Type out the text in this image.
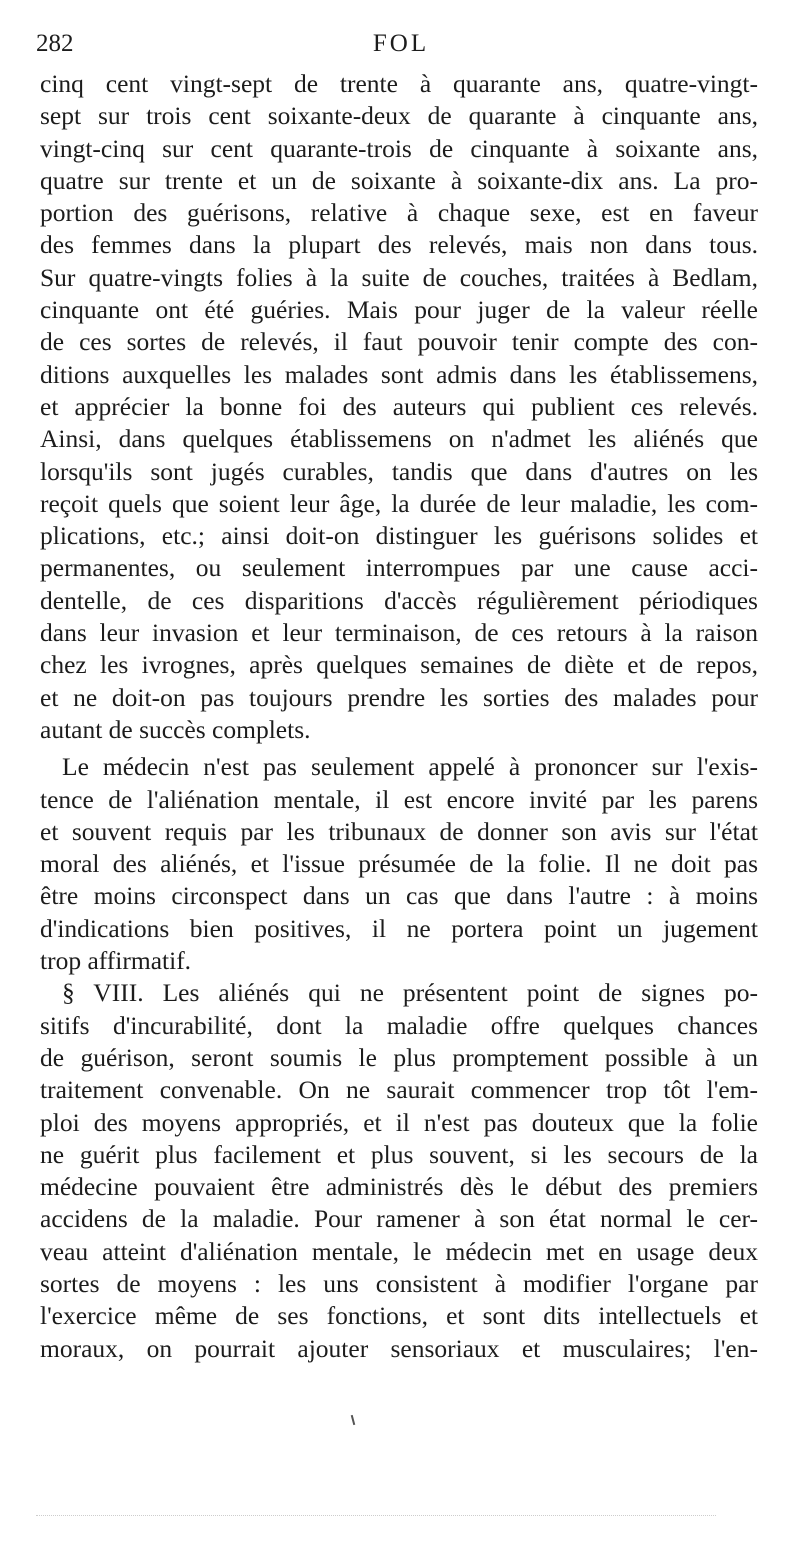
282	FOL
cinq cent vingt-sept de trente à quarante ans, quatre-vingt-
sept sur trois cent soixante-deux de quarante à cinquante ans,
vingt-cinq sur cent quarante-trois de cinquante à soixante ans,
quatre sur trente et un de soixante à soixante-dix ans. La pro-
portion des guérisons, relative à chaque sexe, est en faveur
des femmes dans la plupart des relevés, mais non dans tous.
Sur quatre-vingts folies à la suite de couches, traitées à Bedlam,
cinquante ont été guéries. Mais pour juger de la valeur réelle
de ces sortes de relevés, il faut pouvoir tenir compte des con-
ditions auxquelles les malades sont admis dans les établissemens,
et apprécier la bonne foi des auteurs qui publient ces relevés.
Ainsi, dans quelques établissemens on n'admet les aliénés que
lorsqu'ils sont jugés curables, tandis que dans d'autres on les
reçoit quels que soient leur âge, la durée de leur maladie, les com-
plications, etc.; ainsi doit-on distinguer les guérisons solides et
permanentes, ou seulement interrompues par une cause acci-
dentelle, de ces disparitions d'accès régulièrement périodiques
dans leur invasion et leur terminaison, de ces retours à la raison
chez les ivrognes, après quelques semaines de diète et de repos,
et ne doit-on pas toujours prendre les sorties des malades pour
autant de succès complets.
Le médecin n'est pas seulement appelé à prononcer sur l'exis-
tence de l'aliénation mentale, il est encore invité par les parens
et souvent requis par les tribunaux de donner son avis sur l'état
moral des aliénés, et l'issue présumée de la folie. Il ne doit pas
être moins circonspect dans un cas que dans l'autre : à moins
d'indications bien positives, il ne portera point un jugement
trop affirmatif.
§ VIII. Les aliénés qui ne présentent point de signes po-
sitifs d'incurabilité, dont la maladie offre quelques chances
de guérison, seront soumis le plus promptement possible à un
traitement convenable. On ne saurait commencer trop tôt l'em-
ploi des moyens appropriés, et il n'est pas douteux que la folie
ne guérit plus facilement et plus souvent, si les secours de la
médecine pouvaient être administrés dès le début des premiers
accidens de la maladie. Pour ramener à son état normal le cer-
veau atteint d'aliénation mentale, le médecin met en usage deux
sortes de moyens : les uns consistent à modifier l'organe par
l'exercice même de ses fonctions, et sont dits intellectuels et
moraux, on pourrait ajouter sensoriaux et musculaires; l'en-
